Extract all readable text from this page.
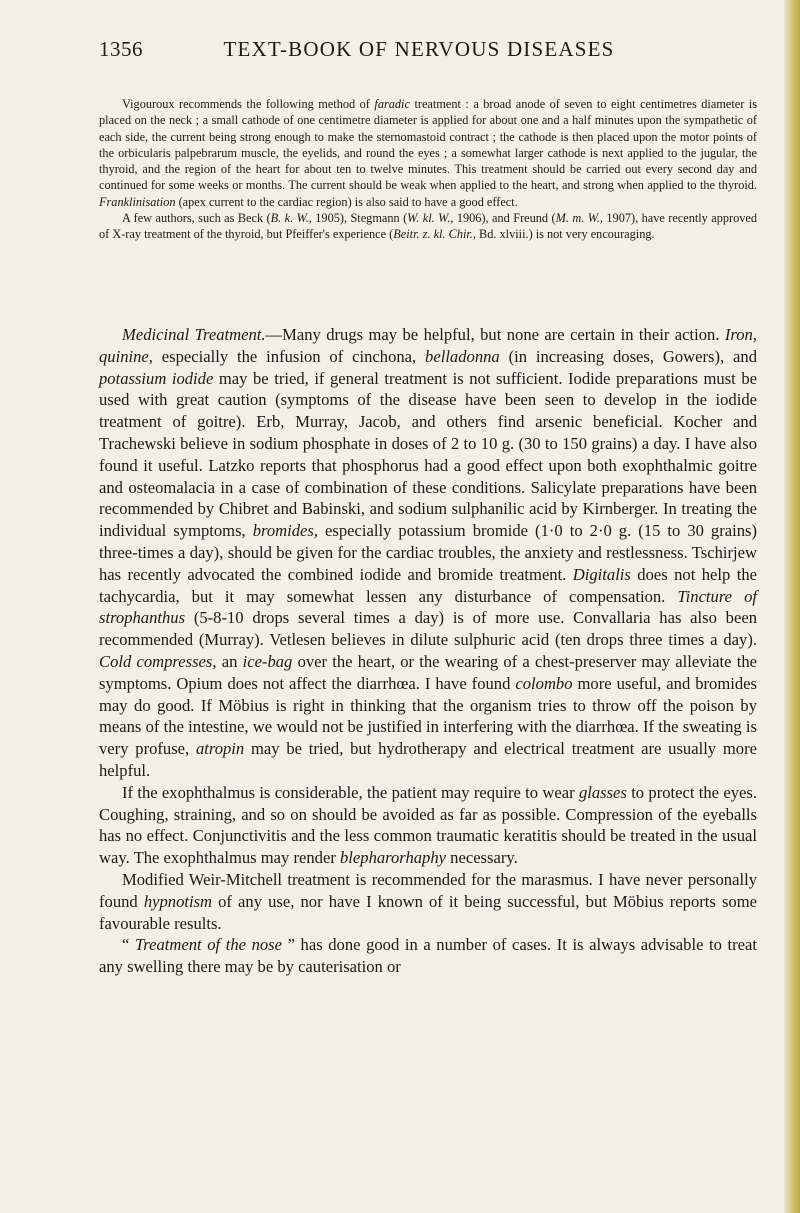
1356	TEXT-BOOK OF NERVOUS DISEASES

Vigouroux recommends the following method of faradic treatment : a broad anode of seven to eight centimetres diameter is placed on the neck ; a small cathode of one centimetre diameter is applied for about one and a half minutes upon the sympathetic of each side, the current being strong enough to make the sternomastoid contract ; the cathode is then placed upon the motor points of the orbicularis palpebrarum muscle, the eyelids, and round the eyes ; a somewhat larger cathode is next applied to the jugular, the thyroid, and the region of the heart for about ten to twelve minutes. This treatment should be carried out every second day and continued for some weeks or months. The current should be weak when applied to the heart, and strong when applied to the thyroid. Franklinisation (apex current to the cardiac region) is also said to have a good effect.

A few authors, such as Beck (B. k. W., 1905), Stegmann (W. kl. W., 1906), and Freund (M. m. W., 1907), have recently approved of X-ray treatment of the thyroid, but Pfeiffer's experience (Beitr. z. kl. Chir., Bd. xlviii.) is not very encouraging.

Medicinal Treatment.—Many drugs may be helpful, but none are certain in their action. Iron, quinine, especially the infusion of cinchona, belladonna (in increasing doses, Gowers), and potassium iodide may be tried, if general treatment is not sufficient. Iodide preparations must be used with great caution (symptoms of the disease have been seen to develop in the iodide treatment of goitre). Erb, Murray, Jacob, and others find arsenic beneficial. Kocher and Trachewski believe in sodium phosphate in doses of 2 to 10 g. (30 to 150 grains) a day. I have also found it useful. Latzko reports that phosphorus had a good effect upon both exophthalmic goitre and osteomalacia in a case of combination of these conditions. Salicylate preparations have been recommended by Chibret and Babinski, and sodium sulphanilic acid by Kirnberger. In treating the individual symptoms, bromides, especially potassium bromide (1·0 to 2·0 g. (15 to 30 grains) three-times a day), should be given for the cardiac troubles, the anxiety and restlessness. Tschirjew has recently advocated the combined iodide and bromide treatment. Digitalis does not help the tachycardia, but it may somewhat lessen any disturbance of compensation. Tincture of strophanthus (5-8-10 drops several times a day) is of more use. Convallaria has also been recommended (Murray). Vetlesen believes in dilute sulphuric acid (ten drops three times a day). Cold compresses, an ice-bag over the heart, or the wearing of a chest-preserver may alleviate the symptoms. Opium does not affect the diarrhœa. I have found colombo more useful, and bromides may do good. If Möbius is right in thinking that the organism tries to throw off the poison by means of the intestine, we would not be justified in interfering with the diarrhœa. If the sweating is very profuse, atropin may be tried, but hydrotherapy and electrical treatment are usually more helpful.

If the exophthalmus is considerable, the patient may require to wear glasses to protect the eyes. Coughing, straining, and so on should be avoided as far as possible. Compression of the eyeballs has no effect. Conjunctivitis and the less common traumatic keratitis should be treated in the usual way. The exophthalmus may render blepharorhaphy necessary.

Modified Weir-Mitchell treatment is recommended for the marasmus. I have never personally found hypnotism of any use, nor have I known of it being successful, but Möbius reports some favourable results.

“ Treatment of the nose ” has done good in a number of cases. It is always advisable to treat any swelling there may be by cauterisation or
